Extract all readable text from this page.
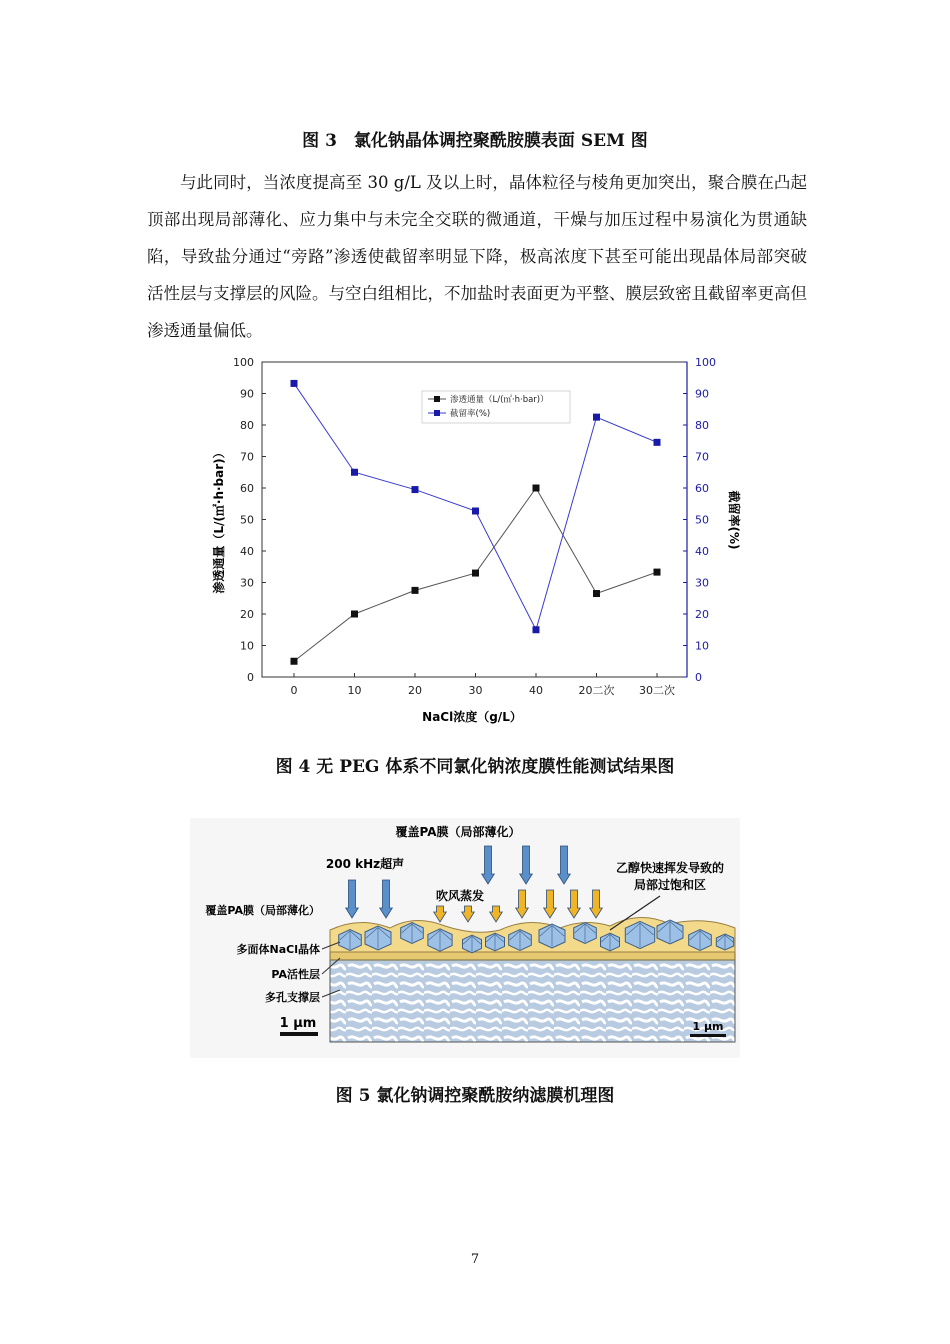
图 3　氯化钠晶体调控聚酰胺膜表面 SEM 图

与此同时，当浓度提高至 30 g/L 及以上时，晶体粒径与棱角更加突出，聚合膜在凸起顶部出现局部薄化、应力集中与未完全交联的微通道，干燥与加压过程中易演化为贯通缺陷，导致盐分通过“旁路”渗透使截留率明显下降，极高浓度下甚至可能出现晶体局部突破活性层与支撑层的风险。与空白组相比，不加盐时表面更为平整、膜层致密且截留率更高但渗透通量偏低。

0	0
10	10
20	20
30	30
40	40
50	50
60	60
70	70
80	80
90	90
100	100
0	10	20	30	40	20二次 30二次
渗透通量（L/(㎡·h·bar)）
截留率(%)
NaCl浓度（g/L）
渗透通量（L/(㎡·h·bar)）	截留率(%)
图 4 无 PEG 体系不同氯化钠浓度膜性能测试结果图
覆盖PA膜（局部薄化）
200 kHz超声
吹风蒸发
乙醇快速挥发导致的
局部过饱和区
覆盖PA膜（局部薄化）
多面体NaCl晶体
PA活性层
多孔支撑层
1 μm	1 μm
图 5 氯化钠调控聚酰胺纳滤膜机理图
7
